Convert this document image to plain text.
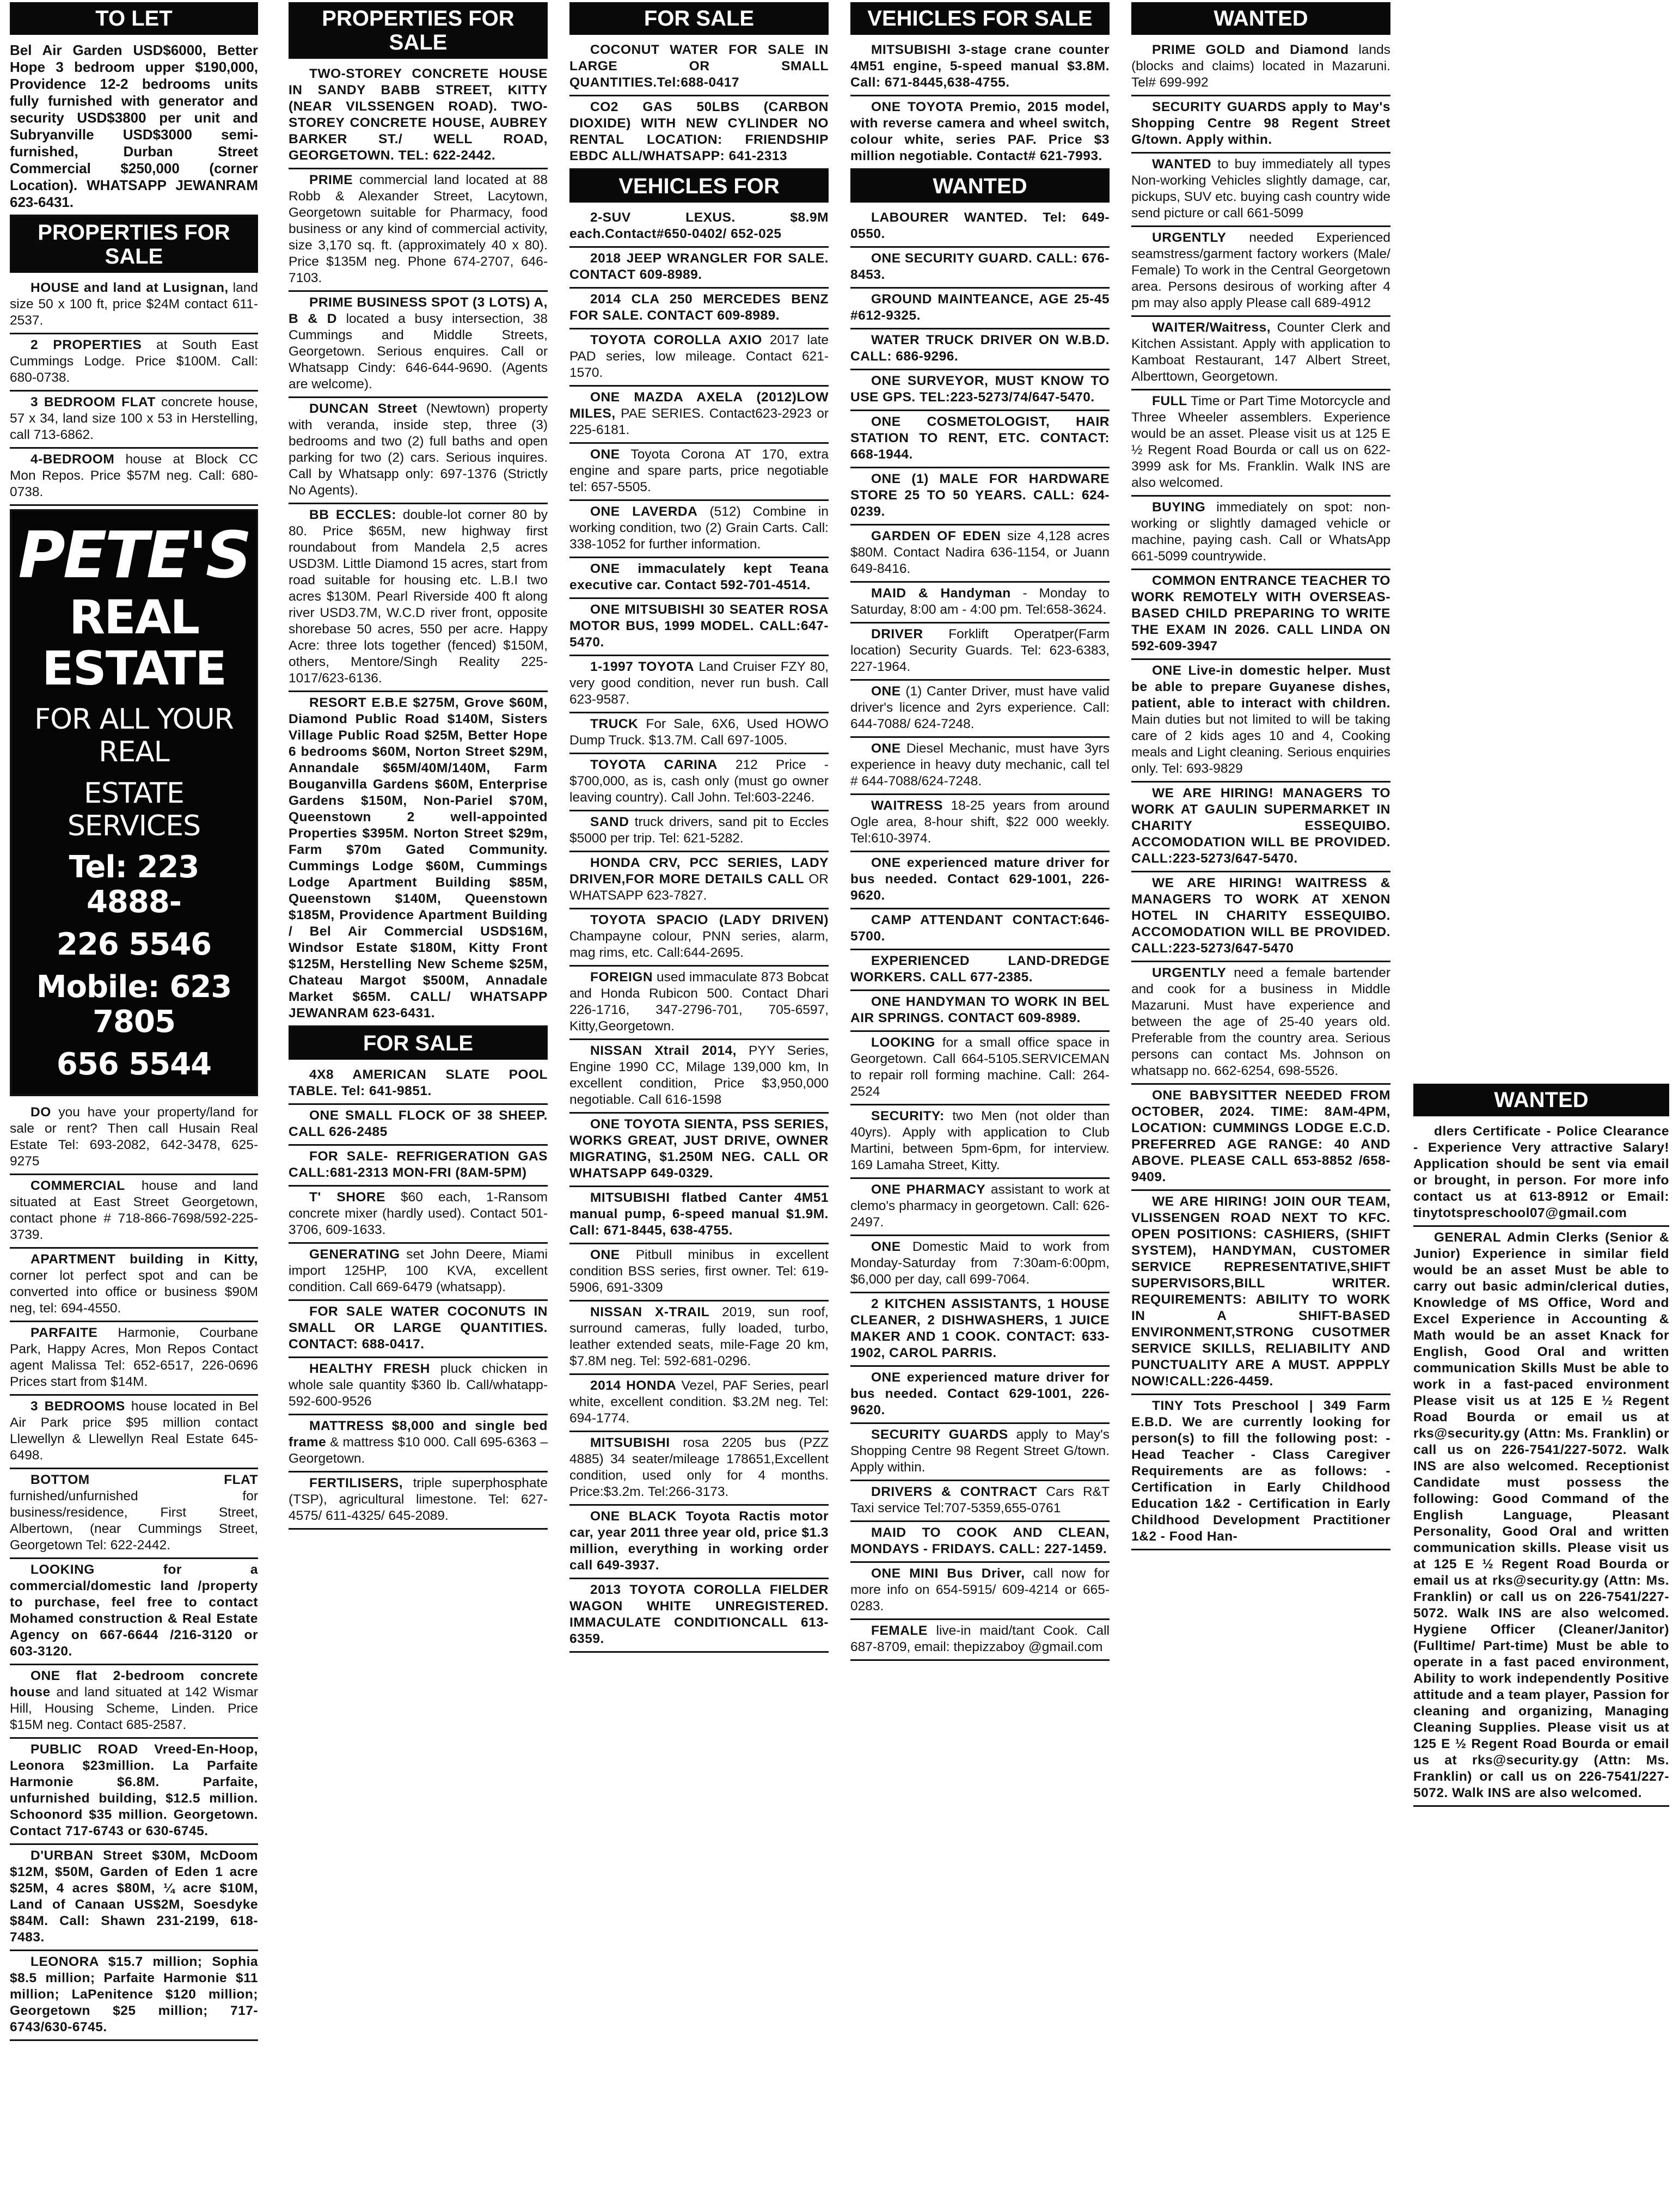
TO LET

Bel Air Garden USD$6000, Better Hope 3 bedroom upper $190,000, Providence 12-2 bedrooms units fully furnished with generator and security USD$3800 per unit and Subryanville USD$3000 semi-furnished, Durban Street Commercial $250,000 (corner Location). WHATSAPP JEWANRAM 623-6431.

PROPERTIES FOR SALE

HOUSE and land at Lusignan, land size 50 x 100 ft, price $24M contact 611-2537.

2 PROPERTIES at South East Cummings Lodge. Price $100M. Call: 680-0738.

3 BEDROOM FLAT concrete house, 57 x 34, land size 100 x 53 in Herstelling, call 713-6862.

4-BEDROOM house at Block CC Mon Repos. Price $57M neg. Call: 680-0738.

PETE'S
REAL ESTATE
FOR ALL YOUR REAL
ESTATE SERVICES
Tel: 223 4888-
226 5546
Mobile: 623 7805
656 5544

DO you have your property/land for sale or rent? Then call Husain Real Estate Tel: 693-2082, 642-3478, 625-9275

COMMERCIAL house and land situated at East Street Georgetown, contact phone # 718-866-7698/592-225-3739.

APARTMENT building in Kitty, corner lot perfect spot and can be converted into office or business $90M neg, tel: 694-4550.

PARFAITE Harmonie, Courbane Park, Happy Acres, Mon Repos Contact agent Malissa Tel: 652-6517, 226-0696 Prices start from $14M.

3 BEDROOMS house located in Bel Air Park price $95 million contact Llewellyn & Llewellyn Real Estate 645-6498.

BOTTOM FLAT furnished/unfurnished for business/residence, First Street, Albertown, (near Cummings Street, Georgetown Tel: 622-2442.

LOOKING for a commercial/domestic land /property to purchase, feel free to contact Mohamed construction & Real Estate Agency on 667-6644 /216-3120 or 603-3120.

ONE flat 2-bedroom concrete house and land situated at 142 Wismar Hill, Housing Scheme, Linden. Price $15M neg. Contact 685-2587.

PUBLIC ROAD Vreed-En-Hoop, Leonora $23million. La Parfaite Harmonie $6.8M. Parfaite, unfurnished building, $12.5 million. Schoonord $35 million. Georgetown. Contact 717-6743 or 630-6745.

D'URBAN Street $30M, McDoom $12M, $50M, Garden of Eden 1 acre $25M, 4 acres $80M, ¼ acre $10M, Land of Canaan US$2M, Soesdyke $84M. Call: Shawn 231-2199, 618-7483.

LEONORA $15.7 million; Sophia $8.5 million; Parfaite Harmonie $11 million; LaPenitence $120 million; Georgetown $25 million; 717-6743/630-6745.

PROPERTIES FOR SALE

TWO-STOREY CONCRETE HOUSE IN SANDY BABB STREET, KITTY (NEAR VILSSENGEN ROAD). TWO-STOREY CONCRETE HOUSE, AUBREY BARKER ST./ WELL ROAD, GEORGETOWN. TEL: 622-2442.

PRIME commercial land located at 88 Robb & Alexander Street, Lacytown, Georgetown suitable for Pharmacy, food business or any kind of commercial activity, size 3,170 sq. ft. (approximately 40 x 80). Price $135M neg. Phone 674-2707, 646-7103.

PRIME BUSINESS SPOT (3 LOTS) A, B & D located a busy intersection, 38 Cummings and Middle Streets, Georgetown. Serious enquires. Call or Whatsapp Cindy: 646-644-9690. (Agents are welcome).

DUNCAN Street (Newtown) property with veranda, inside step, three (3) bedrooms and two (2) full baths and open parking for two (2) cars. Serious inquires. Call by Whatsapp only: 697-1376 (Strictly No Agents).

BB ECCLES: double-lot corner 80 by 80. Price $65M, new highway first roundabout from Mandela 2,5 acres USD3M. Little Diamond 15 acres, start from road suitable for housing etc. L.B.I two acres $130M. Pearl Riverside 400 ft along river USD3.7M, W.C.D river front, opposite shorebase 50 acres, 550 per acre. Happy Acre: three lots together (fenced) $150M, others, Mentore/Singh Reality 225-1017/623-6136.

RESORT E.B.E $275M, Grove $60M, Diamond Public Road $140M, Sisters Village Public Road $25M, Better Hope 6 bedrooms $60M, Norton Street $29M, Annandale $65M/40M/140M, Farm Bouganvilla Gardens $60M, Enterprise Gardens $150M, Non-Pariel $70M, Queenstown 2 well-appointed Properties $395M. Norton Street $29m, Farm $70m Gated Community. Cummings Lodge $60M, Cummings Lodge Apartment Building $85M, Queenstown $140M, Queenstown $185M, Providence Apartment Building / Bel Air Commercial USD$16M, Windsor Estate $180M, Kitty Front $125M, Herstelling New Scheme $25M, Chateau Margot $500M, Annadale Market $65M. CALL/ WHATSAPP JEWANRAM 623-6431.

FOR SALE

4X8 AMERICAN SLATE POOL TABLE. Tel: 641-9851.

ONE SMALL FLOCK OF 38 SHEEP. CALL 626-2485

FOR SALE- REFRIGERATION GAS CALL:681-2313 MON-FRI (8AM-5PM)

T' SHORE $60 each, 1-Ransom concrete mixer (hardly used). Contact 501-3706, 609-1633.

GENERATING set John Deere, Miami import 125HP, 100 KVA, excellent condition. Call 669-6479 (whatsapp).

FOR SALE WATER COCONUTS IN SMALL OR LARGE QUANTITIES. CONTACT: 688-0417.

HEALTHY FRESH pluck chicken in whole sale quantity $360 lb. Call/whatapp- 592-600-9526

MATTRESS $8,000 and single bed frame & mattress $10 000. Call 695-6363 – Georgetown.

FERTILISERS, triple superphosphate (TSP), agricultural limestone. Tel: 627-4575/ 611-4325/ 645-2089.

FOR SALE

COCONUT WATER FOR SALE IN LARGE OR SMALL QUANTITIES.Tel:688-0417

CO2 GAS 50LBS (CARBON DIOXIDE) WITH NEW CYLINDER NO RENTAL LOCATION: FRIENDSHIP EBDC ALL/WHATSAPP: 641-2313

VEHICLES FOR

2-SUV LEXUS. $8.9M each.Contact#650-0402/ 652-025

2018 JEEP WRANGLER FOR SALE. CONTACT 609-8989.

2014 CLA 250 MERCEDES BENZ FOR SALE. CONTACT 609-8989.

TOYOTA COROLLA AXIO 2017 late PAD series, low mileage. Contact 621-1570.

ONE MAZDA AXELA (2012)LOW MILES, PAE SERIES. Contact623-2923 or 225-6181.

ONE Toyota Corona AT 170, extra engine and spare parts, price negotiable tel: 657-5505.

ONE LAVERDA (512) Combine in working condition, two (2) Grain Carts. Call: 338-1052 for further information.

ONE immaculately kept Teana executive car. Contact 592-701-4514.

ONE MITSUBISHI 30 SEATER ROSA MOTOR BUS, 1999 MODEL. CALL:647-5470.

1-1997 TOYOTA Land Cruiser FZY 80, very good condition, never run bush. Call 623-9587.

TRUCK For Sale, 6X6, Used HOWO Dump Truck. $13.7M. Call 697-1005.

TOYOTA CARINA 212 Price - $700,000, as is, cash only (must go owner leaving country). Call John. Tel:603-2246.

SAND truck drivers, sand pit to Eccles $5000 per trip. Tel: 621-5282.

HONDA CRV, PCC SERIES, LADY DRIVEN,FOR MORE DETAILS CALL OR WHATSAPP 623-7827.

TOYOTA SPACIO (LADY DRIVEN) Champayne colour, PNN series, alarm, mag rims, etc. Call:644-2695.

FOREIGN used immaculate 873 Bobcat and Honda Rubicon 500. Contact Dhari 226-1716, 347-2796-701, 705-6597, Kitty,Georgetown.

NISSAN Xtrail 2014, PYY Series, Engine 1990 CC, Milage 139,000 km, In excellent condition, Price $3,950,000 negotiable. Call 616-1598

ONE TOYOTA SIENTA, PSS SERIES, WORKS GREAT, JUST DRIVE, OWNER MIGRATING, $1.250M NEG. CALL OR WHATSAPP 649-0329.

MITSUBISHI flatbed Canter 4M51 manual pump, 6-speed manual $1.9M. Call: 671-8445, 638-4755.

ONE Pitbull minibus in excellent condition BSS series, first owner. Tel: 619-5906, 691-3309

NISSAN X-TRAIL 2019, sun roof, surround cameras, fully loaded, turbo, leather extended seats, mile-Fage 20 km, $7.8M neg. Tel: 592-681-0296.

2014 HONDA Vezel, PAF Series, pearl white, excellent condition. $3.2M neg. Tel: 694-1774.

MITSUBISHI rosa 2205 bus (PZZ 4885) 34 seater/mileage 178651,Excellent condition, used only for 4 months. Price:$3.2m. Tel:266-3173.

ONE BLACK Toyota Ractis motor car, year 2011 three year old, price $1.3 million, everything in working order call 649-3937.

2013 TOYOTA COROLLA FIELDER WAGON WHITE UNREGISTERED. IMMACULATE CONDITIONCALL 613-6359.

VEHICLES FOR SALE

MITSUBISHI 3-stage crane counter 4M51 engine, 5-speed manual $3.8M. Call: 671-8445,638-4755.

ONE TOYOTA Premio, 2015 model, with reverse camera and wheel switch, colour white, series PAF. Price $3 million negotiable. Contact# 621-7993.

WANTED

LABOURER WANTED. Tel: 649-0550.

ONE SECURITY GUARD. CALL: 676-8453.

GROUND MAINTEANCE, AGE 25-45 #612-9325.

WATER TRUCK DRIVER ON W.B.D. CALL: 686-9296.

ONE SURVEYOR, MUST KNOW TO USE GPS. TEL:223-5273/74/647-5470.

ONE COSMETOLOGIST, HAIR STATION TO RENT, ETC. CONTACT: 668-1944.

ONE (1) MALE FOR HARDWARE STORE 25 TO 50 YEARS. CALL: 624-0239.

GARDEN OF EDEN size 4,128 acres $80M. Contact Nadira 636-1154, or Juann 649-8416.

MAID & Handyman - Monday to Saturday, 8:00 am - 4:00 pm. Tel:658-3624.

DRIVER Forklift Operatper(Farm location) Security Guards. Tel: 623-6383, 227-1964.

ONE (1) Canter Driver, must have valid driver's licence and 2yrs experience. Call: 644-7088/ 624-7248.

ONE Diesel Mechanic, must have 3yrs experience in heavy duty mechanic, call tel # 644-7088/624-7248.

WAITRESS 18-25 years from around Ogle area, 8-hour shift, $22 000 weekly. Tel:610-3974.

ONE experienced mature driver for bus needed. Contact 629-1001, 226-9620.

CAMP ATTENDANT CONTACT:646-5700.

EXPERIENCED LAND-DREDGE WORKERS. CALL 677-2385.

ONE HANDYMAN TO WORK IN BEL AIR SPRINGS. CONTACT 609-8989.

LOOKING for a small office space in Georgetown. Call 664-5105.SERVICEMAN to repair roll forming machine. Call: 264-2524

SECURITY: two Men (not older than 40yrs). Apply with application to Club Martini, between 5pm-6pm, for interview. 169 Lamaha Street, Kitty.

ONE PHARMACY assistant to work at clemo's pharmacy in georgetown. Call: 626-2497.

ONE Domestic Maid to work from Monday-Saturday from 7:30am-6:00pm, $6,000 per day, call 699-7064.

2 KITCHEN ASSISTANTS, 1 HOUSE CLEANER, 2 DISHWASHERS, 1 JUICE MAKER AND 1 COOK. CONTACT: 633-1902, CAROL PARRIS.

ONE experienced mature driver for bus needed. Contact 629-1001, 226-9620.

SECURITY GUARDS apply to May's Shopping Centre 98 Regent Street G/town. Apply within.

DRIVERS & CONTRACT Cars R&T Taxi service Tel:707-5359,655-0761

MAID TO COOK AND CLEAN, MONDAYS - FRIDAYS. CALL: 227-1459.

ONE MINI Bus Driver, call now for more info on 654-5915/ 609-4214 or 665-0283.

FEMALE live-in maid/tant Cook. Call 687-8709, email: thepizzaboy @gmail.com

WANTED

PRIME GOLD and Diamond lands (blocks and claims) located in Mazaruni. Tel# 699-992

SECURITY GUARDS apply to May's Shopping Centre 98 Regent Street G/town. Apply within.

WANTED to buy immediately all types Non-working Vehicles slightly damage, car, pickups, SUV etc. buying cash country wide send picture or call 661-5099

URGENTLY needed Experienced seamstress/garment factory workers (Male/ Female) To work in the Central Georgetown area. Persons desirous of working after 4 pm may also apply Please call 689-4912

WAITER/Waitress, Counter Clerk and Kitchen Assistant. Apply with application to Kamboat Restaurant, 147 Albert Street, Alberttown, Georgetown.

FULL Time or Part Time Motorcycle and Three Wheeler assemblers. Experience would be an asset. Please visit us at 125 E ½ Regent Road Bourda or call us on 622-3999 ask for Ms. Franklin. Walk INS are also welcomed.

BUYING immediately on spot: non-working or slightly damaged vehicle or machine, paying cash. Call or WhatsApp 661-5099 countrywide.

COMMON ENTRANCE TEACHER TO WORK REMOTELY WITH OVERSEAS-BASED CHILD PREPARING TO WRITE THE EXAM IN 2026. CALL LINDA ON 592-609-3947

ONE Live-in domestic helper. Must be able to prepare Guyanese dishes, patient, able to interact with children. Main duties but not limited to will be taking care of 2 kids ages 10 and 4, Cooking meals and Light cleaning. Serious enquiries only. Tel: 693-9829

WE ARE HIRING! MANAGERS TO WORK AT GAULIN SUPERMARKET IN CHARITY ESSEQUIBO. ACCOMODATION WILL BE PROVIDED. CALL:223-5273/647-5470.

WE ARE HIRING! WAITRESS & MANAGERS TO WORK AT XENON HOTEL IN CHARITY ESSEQUIBO. ACCOMODATION WILL BE PROVIDED. CALL:223-5273/647-5470

URGENTLY need a female bartender and cook for a business in Middle Mazaruni. Must have experience and between the age of 25-40 years old. Preferable from the country area. Serious persons can contact Ms. Johnson on whatsapp no. 662-6254, 698-5526.

ONE BABYSITTER NEEDED FROM OCTOBER, 2024. TIME: 8AM-4PM, LOCATION: CUMMINGS LODGE E.C.D. PREFERRED AGE RANGE: 40 AND ABOVE. PLEASE CALL 653-8852 /658-9409.

WE ARE HIRING! JOIN OUR TEAM, VLISSENGEN ROAD NEXT TO KFC. OPEN POSITIONS: CASHIERS, (SHIFT SYSTEM), HANDYMAN, CUSTOMER SERVICE REPRESENTATIVE,SHIFT SUPERVISORS,BILL WRITER. REQUIREMENTS: ABILITY TO WORK IN A SHIFT-BASED ENVIRONMENT,STRONG CUSOTMER SERVICE SKILLS, RELIABILITY AND PUNCTUALITY ARE A MUST. APPPLY NOW!CALL:226-4459.

TINY Tots Preschool | 349 Farm E.B.D. We are currently looking for person(s) to fill the following post: - Head Teacher - Class Caregiver Requirements are as follows: - Certification in Early Childhood Education 1&2 - Certification in Early Childhood Development Practitioner 1&2 - Food Han-

WANTED

dlers Certificate - Police Clearance - Experience Very attractive Salary! Application should be sent via email or brought, in person. For more info contact us at 613-8912 or Email: tinytotspreschool07@gmail.com

GENERAL Admin Clerks (Senior & Junior) Experience in similar field would be an asset Must be able to carry out basic admin/clerical duties, Knowledge of MS Office, Word and Excel Experience in Accounting & Math would be an asset Knack for English, Good Oral and written communication Skills Must be able to work in a fast-paced environment Please visit us at 125 E ½ Regent Road Bourda or email us at rks@security.gy (Attn: Ms. Franklin) or call us on 226-7541/227-5072. Walk INS are also welcomed. Receptionist Candidate must possess the following: Good Command of the English Language, Pleasant Personality, Good Oral and written communication skills. Please visit us at 125 E ½ Regent Road Bourda or email us at rks@security.gy (Attn: Ms. Franklin) or call us on 226-7541/227-5072. Walk INS are also welcomed. Hygiene Officer (Cleaner/Janitor) (Fulltime/ Part-time) Must be able to operate in a fast paced environment, Ability to work independently Positive attitude and a team player, Passion for cleaning and organizing, Managing Cleaning Supplies. Please visit us at 125 E ½ Regent Road Bourda or email us at rks@security.gy (Attn: Ms. Franklin) or call us on 226-7541/227-5072. Walk INS are also welcomed.
